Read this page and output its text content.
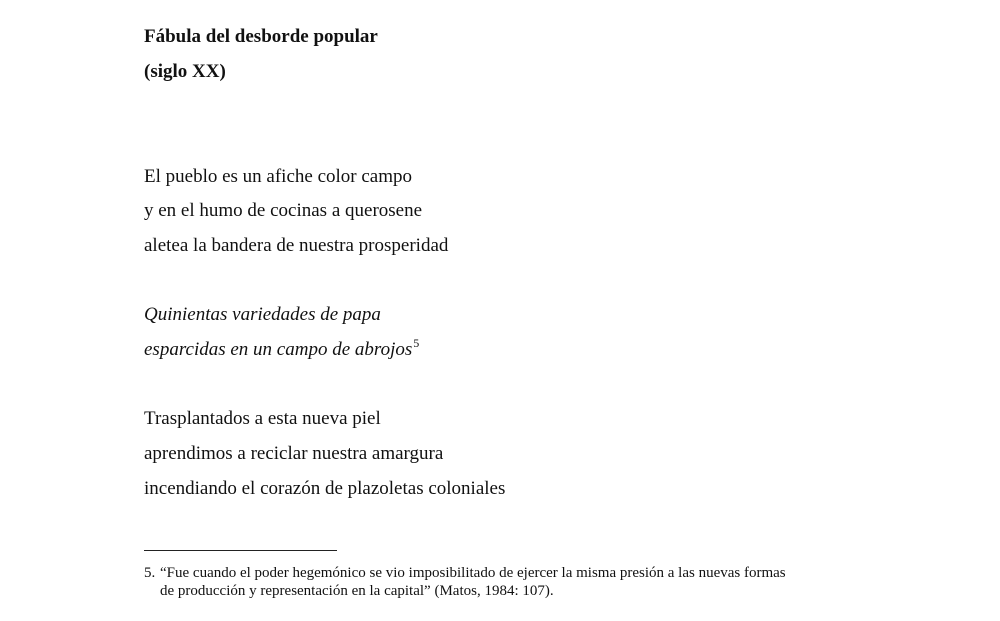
Fábula del desborde popular
(siglo XX)
El pueblo es un afiche color campo
y en el humo de cocinas a querosene
aletea la bandera de nuestra prosperidad
Quinientas variedades de papa
esparcidas en un campo de abrojos$^5$
Trasplantados a esta nueva piel
aprendimos a reciclar nuestra amargura
incendiando el corazón de plazoletas coloniales
5. “Fue cuando el poder hegemónico se vio imposibilitado de ejercer la misma presión a las nuevas formas
de producción y representación en la capital” (Matos, 1984: 107).
